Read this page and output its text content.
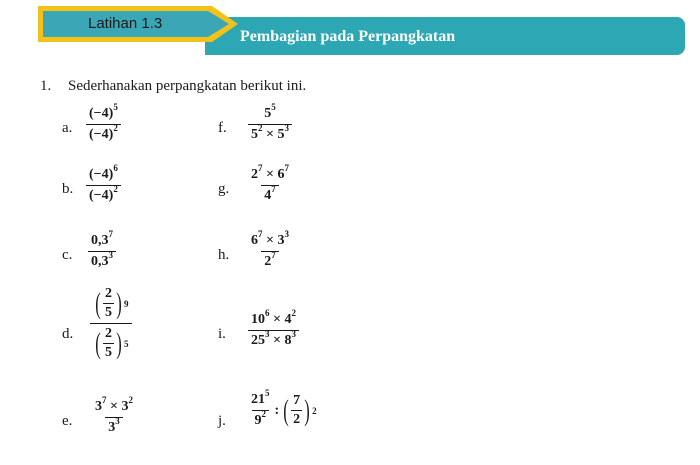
Pembagian pada Perpangkatan
Latihan 1.3
1. Sederhanakan perpangkatan berikut ini.
a. $\frac{(-4)^5}{(-4)^2}$
b. $\frac{(-4)^6}{(-4)^2}$
c. $\frac{0,3^7}{0,3^3}$
d. ( 2
5 ) 9
( 2
5 ) 5
e. $\frac{3^7 \times 3^2}{3^3}$
f. $\frac{5^5}{5^2 \times 5^3}$
g. $\frac{2^7 \times 6^7}{4^7}$
h. $\frac{6^7 \times 3^3}{2^7}$
i. $\frac{10^6 \times 4^2}{25^3 \times 8^3}$
j. $\frac{21^5}{9^2}$ : ( 7
2 ) 2
